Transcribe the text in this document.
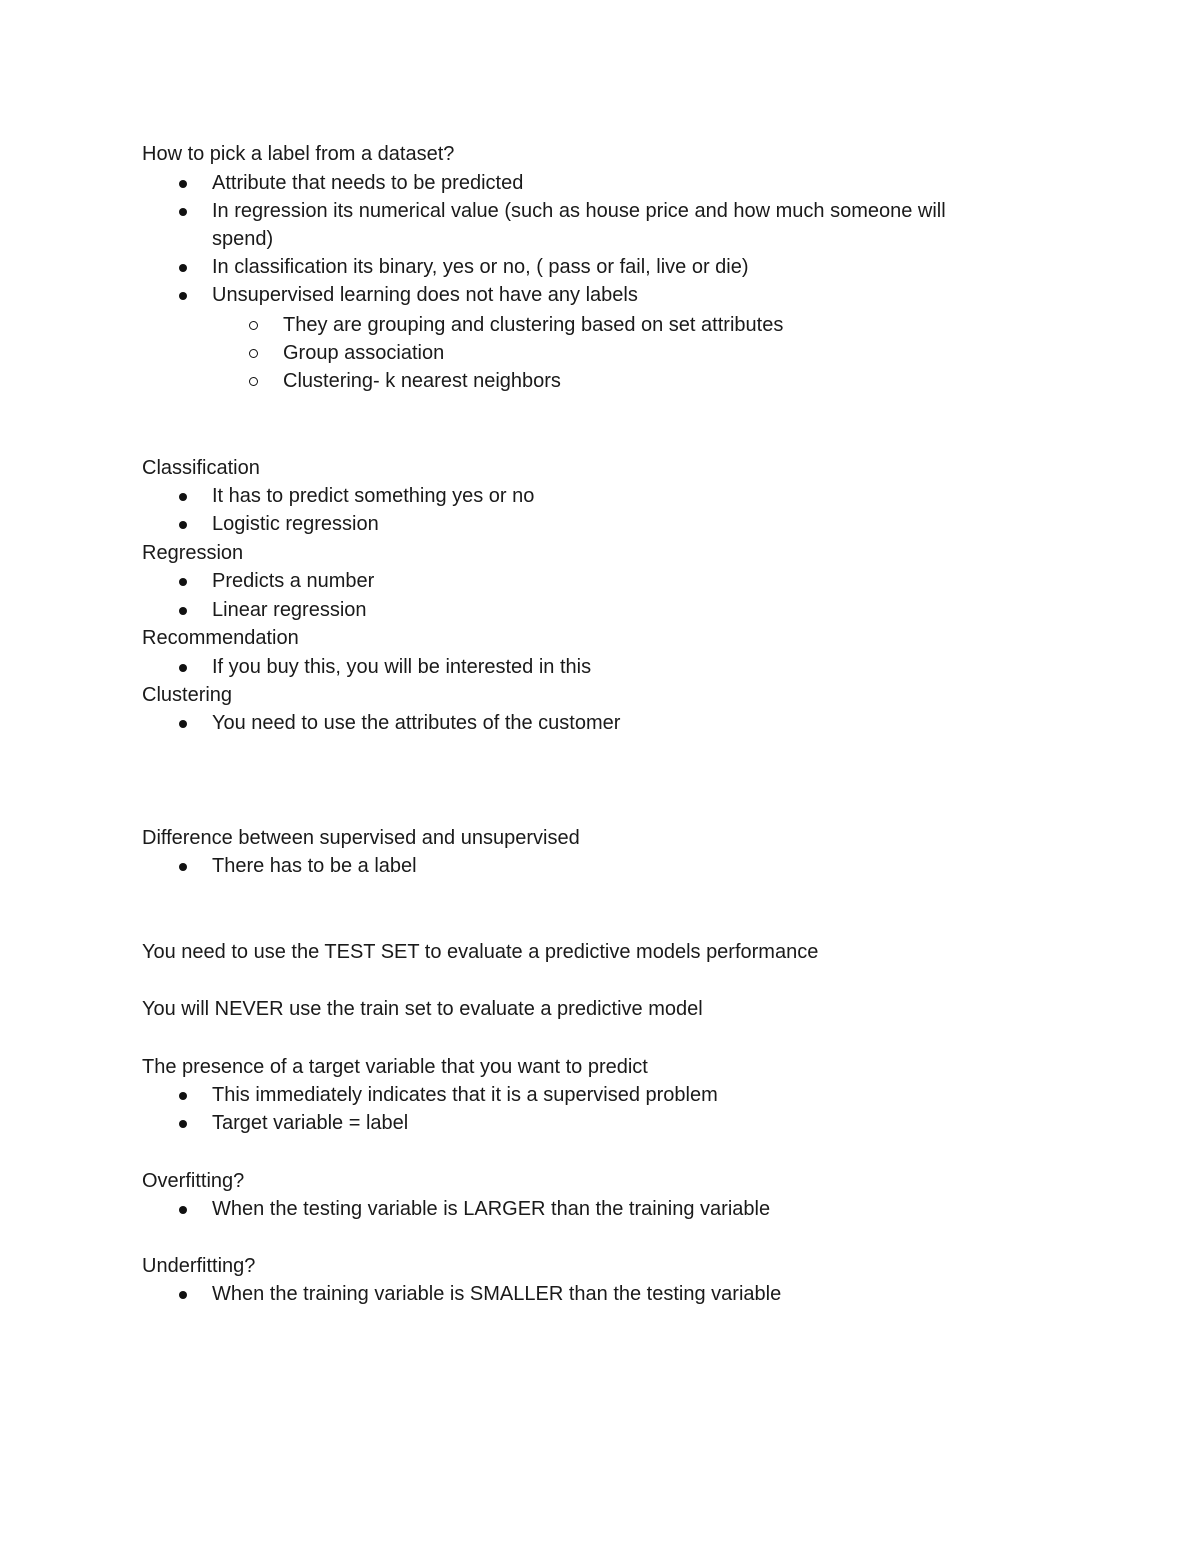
How to pick a label from a dataset?
Attribute that needs to be predicted
In regression its numerical value (such as house price and how much someone will
spend)
In classification its binary, yes or no, ( pass or fail, live or die)
Unsupervised learning does not have any labels
They are grouping and clustering based on set attributes
Group association
Clustering- k nearest neighbors
Classification
It has to predict something yes or no
Logistic regression
Regression
Predicts a number
Linear regression
Recommendation
If you buy this, you will be interested in this
Clustering
You need to use the attributes of the customer
Difference between supervised and unsupervised
There has to be a label
You need to use the TEST SET to evaluate a predictive models performance
You will NEVER use the train set to evaluate a predictive model
The presence of a target variable that you want to predict
This immediately indicates that it is a supervised problem
Target variable = label
Overfitting?
When the testing variable is LARGER than the training variable
Underfitting?
When the training variable is SMALLER than the testing variable
